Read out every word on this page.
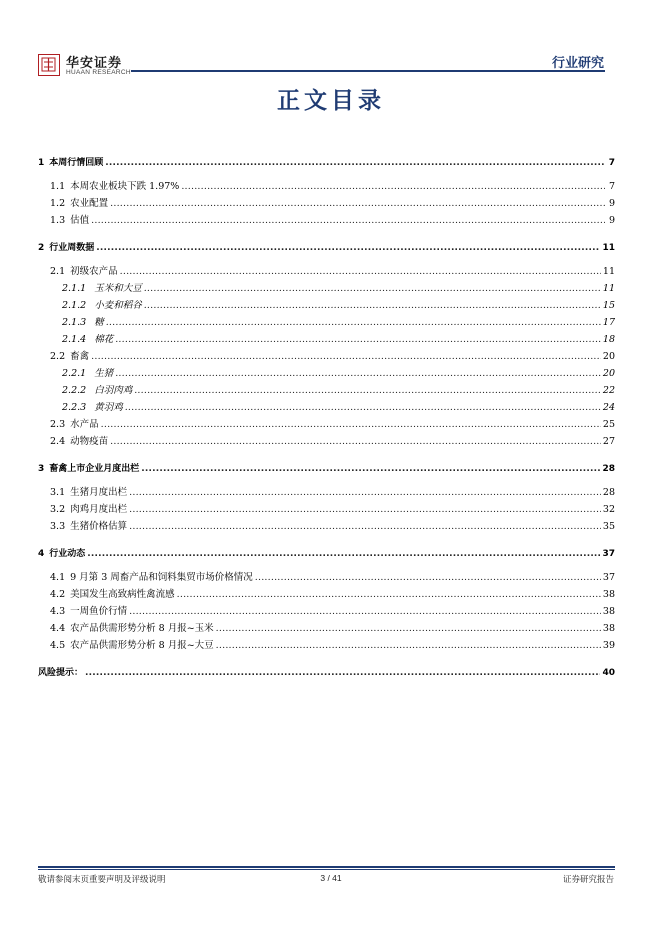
华安证券
HUAAN RESEARCH
行业研究
正文目录
1 本周行情回顾 .....	7
1.1 本周农业板块下跌 1.97% .....	7
1.2 农业配置 .....	9
1.3 估值 .....	9
2 行业周数据 .....	11
2.1 初级农产品 .....	11
2.1.1 玉米和大豆 .....	11
2.1.2 小麦和稻谷 .....	15
2.1.3 糖 .....	17
2.1.4 棉花 .....	18
2.2 畜禽 .....	20
2.2.1 生猪 .....	20
2.2.2 白羽肉鸡 .....	22
2.2.3 黄羽鸡 .....	24
2.3 水产品 .....	25
2.4 动物疫苗 .....	27
3 畜禽上市企业月度出栏 .....	28
3.1 生猪月度出栏 .....	28
3.2 肉鸡月度出栏 .....	32
3.3 生猪价格估算 .....	35
4 行业动态 .....	37
4.1 9 月第 3 周畜产品和饲料集贸市场价格情况 .....	37
4.2 美国发生高致病性禽流感 .....	38
4.3 一周鱼价行情 .....	38
4.4 农产品供需形势分析 8 月报~玉米 .....	38
4.5 农产品供需形势分析 8 月报~大豆 .....	39
风险提示： .....	40
敬请参阅末页重要声明及评级说明	3 / 41	证券研究报告
